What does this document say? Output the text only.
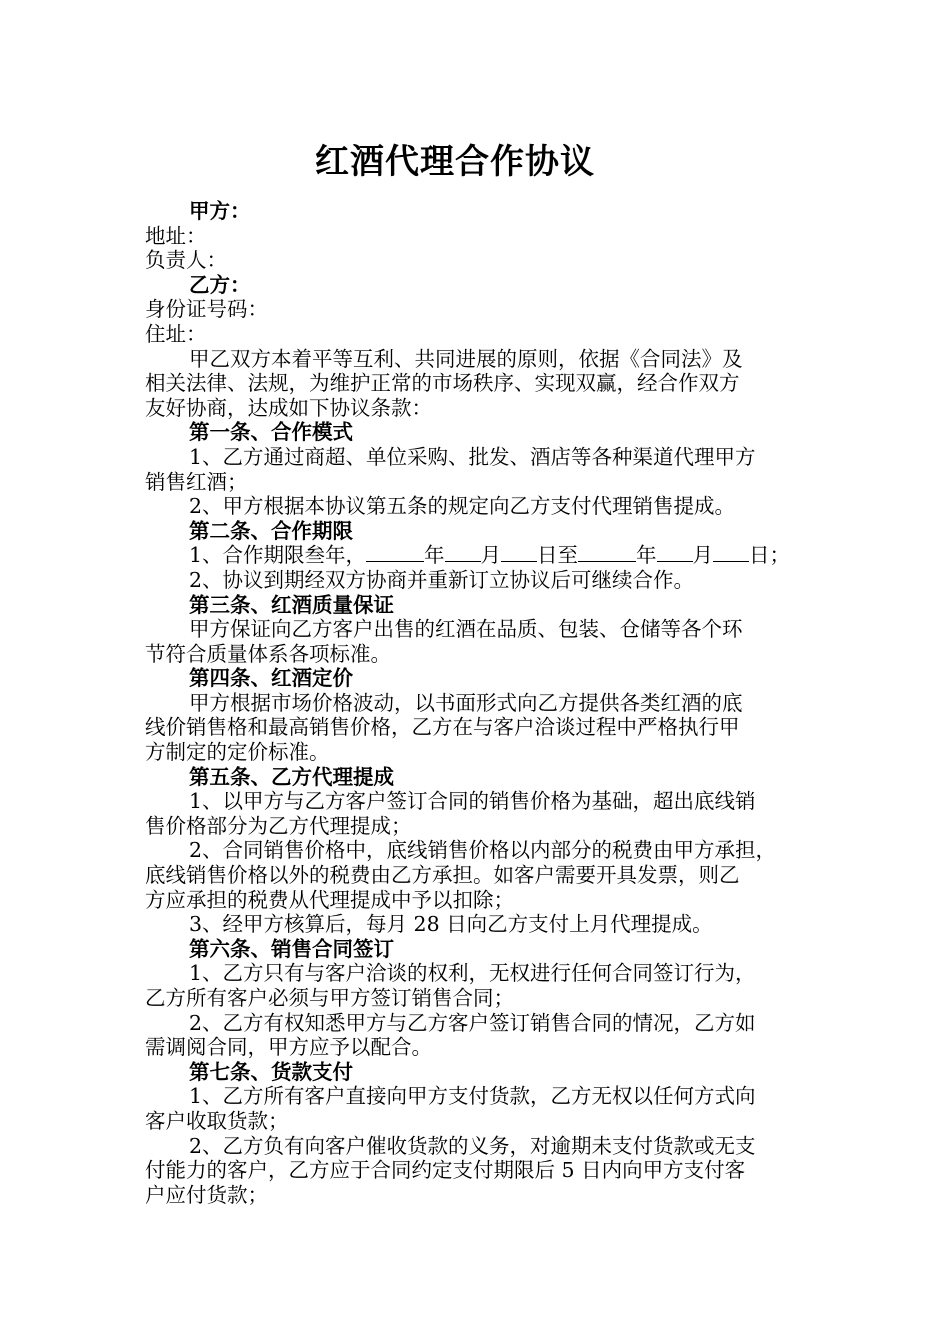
红酒代理合作协议
甲方：
地址：
负责人：
乙方：
身份证号码：
住址：
甲乙双方本着平等互利、共同进展的原则，依据《合同法》及
相关法律、法规，为维护正常的市场秩序、实现双赢，经合作双方
友好协商，达成如下协议条款：
第一条、合作模式
1、乙方通过商超、单位采购、批发、酒店等各种渠道代理甲方
销售红酒；
2、甲方根据本协议第五条的规定向乙方支付代理销售提成。
第二条、合作期限
1、合作期限叁年，	年 月 日至	年 月 日；
2、协议到期经双方协商并重新订立协议后可继续合作。
第三条、红酒质量保证
甲方保证向乙方客户出售的红酒在品质、包装、仓储等各个环
节符合质量体系各项标准。
第四条、红酒定价
甲方根据市场价格波动，以书面形式向乙方提供各类红酒的底
线价销售格和最高销售价格，乙方在与客户洽谈过程中严格执行甲
方制定的定价标准。
第五条、乙方代理提成
1、以甲方与乙方客户签订合同的销售价格为基础，超出底线销
售价格部分为乙方代理提成；
2、合同销售价格中，底线销售价格以内部分的税费由甲方承担，
底线销售价格以外的税费由乙方承担。如客户需要开具发票，则乙
方应承担的税费从代理提成中予以扣除；
3、经甲方核算后，每月 28 日向乙方支付上月代理提成。
第六条、销售合同签订
1、乙方只有与客户洽谈的权利，无权进行任何合同签订行为，
乙方所有客户必须与甲方签订销售合同；
2、乙方有权知悉甲方与乙方客户签订销售合同的情况，乙方如
需调阅合同，甲方应予以配合。
第七条、货款支付
1、乙方所有客户直接向甲方支付货款，乙方无权以任何方式向
客户收取货款；
2、乙方负有向客户催收货款的义务，对逾期未支付货款或无支
付能力的客户，乙方应于合同约定支付期限后 5 日内向甲方支付客
户应付货款；
